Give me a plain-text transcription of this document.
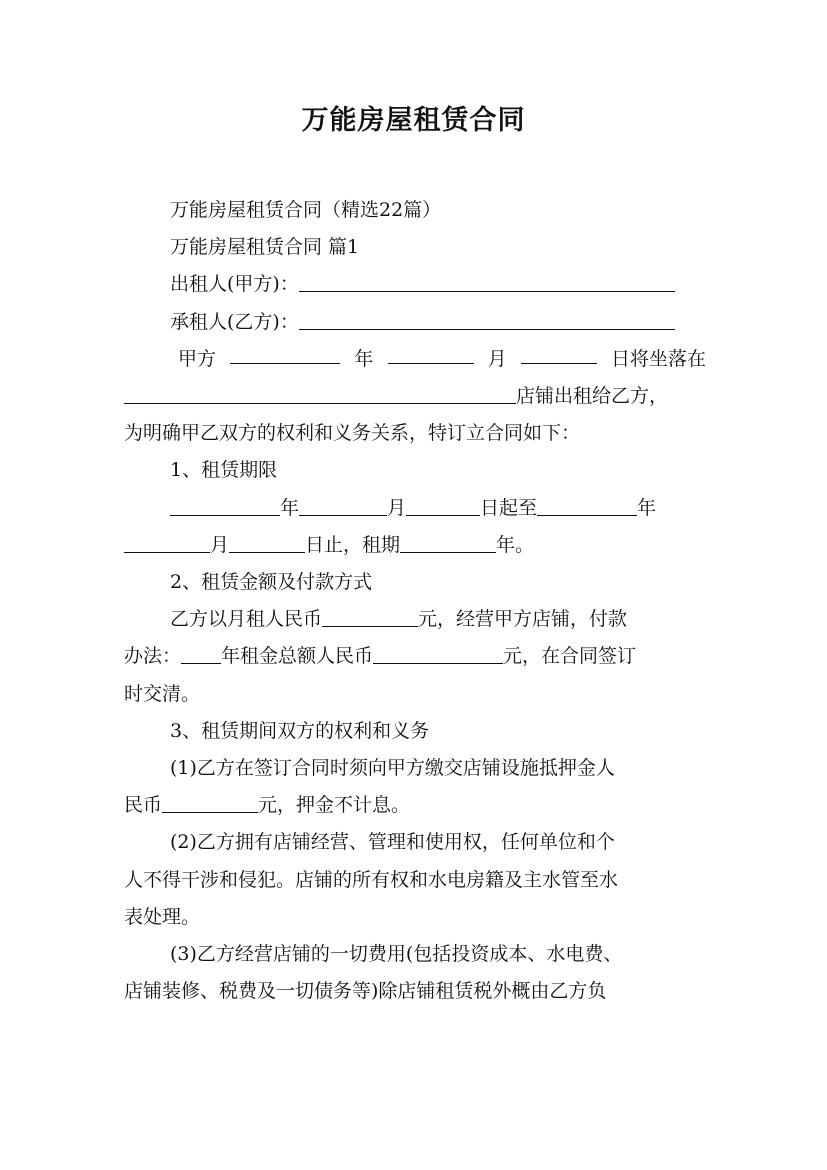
万能房屋租赁合同

万能房屋租赁合同（精选22篇）

万能房屋租赁合同 篇1

出租人(甲方)：

承租人(乙方)：

甲方	年	月	日将坐落在

店铺出租给乙方，

为明确甲乙双方的权利和义务关系，特订立合同如下：

1、租赁期限

年	月	日起至	年

月	日止，租期	年。

2、租赁金额及付款方式

乙方以月租人民币	元，经营甲方店铺，付款

办法： 年租金总额人民币	元，在合同签订

时交清。

3、租赁期间双方的权利和义务

(1)乙方在签订合同时须向甲方缴交店铺设施抵押金人

民币	元，押金不计息。

(2)乙方拥有店铺经营、管理和使用权，任何单位和个

人不得干涉和侵犯。店铺的所有权和水电房籍及主水管至水

表处理。

(3)乙方经营店铺的一切费用(包括投资成本、水电费、

店铺装修、税费及一切债务等)除店铺租赁税外概由乙方负
